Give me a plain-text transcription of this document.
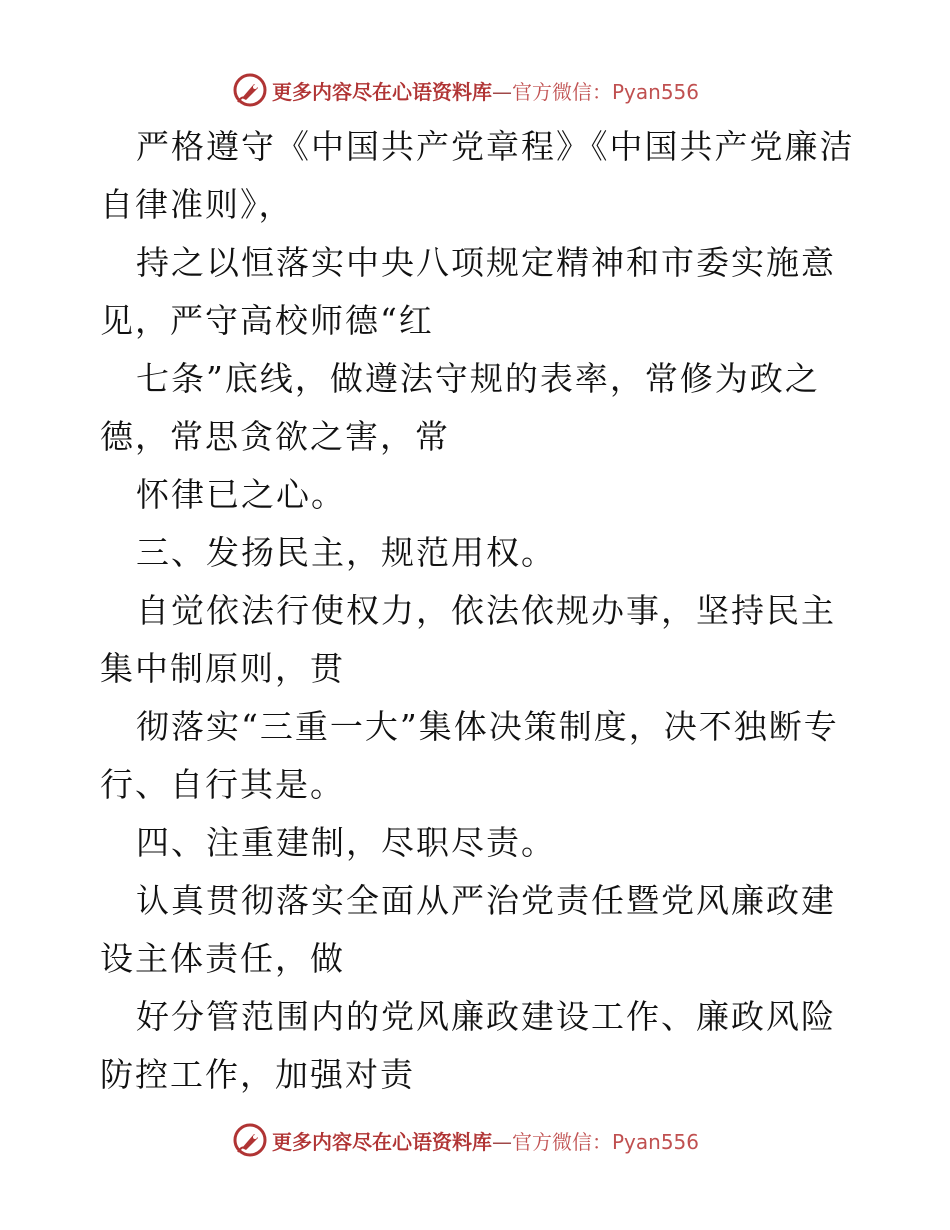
更多内容尽在心语资料库—官方微信：Pyan556

严格遵守《中国共产党章程》《中国共产党廉洁自律准则》，

持之以恒落实中央八项规定精神和市委实施意见，严守高校师德“红

七条”底线，做遵法守规的表率，常修为政之德，常思贪欲之害，常

怀律已之心。

三、发扬民主，规范用权。

自觉依法行使权力，依法依规办事，坚持民主集中制原则，贯

彻落实“三重一大”集体决策制度，决不独断专行、自行其是。

四、注重建制，尽职尽责。

认真贯彻落实全面从严治党责任暨党风廉政建设主体责任，做

好分管范围内的党风廉政建设工作、廉政风险防控工作，加强对责

更多内容尽在心语资料库—官方微信：Pyan556
